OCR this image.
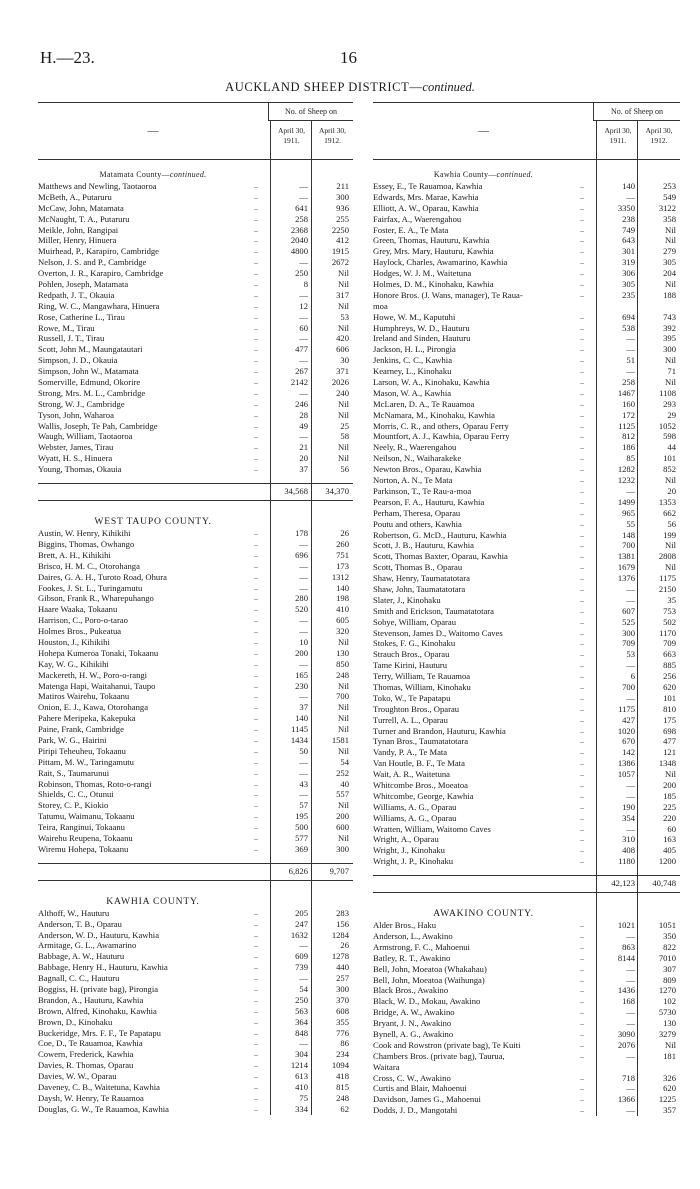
H.—23.	16
AUCKLAND SHEEP DISTRICT—continued.
—
No. of Sheep on
April 30, 1911.
April 30, 1912.
Matamata County—continued.
Matthews and Newling, Taotaoroa	..	—	211
McBeth, A., Putaruru	..	—	300
McCaw, John, Matamata	..	641	936
McNaught, T. A., Putaruru	..	258	255
Meikle, John, Rangipai	..	2368	2250
Miller, Henry, Hinuera	..	2040	412
Muirhead, P., Karapiro, Cambridge	..	4800	1915
Nelson, J. S. and P., Cambridge	..	—	2672
Overton, J. R., Karapiro, Cambridge	..	250	Nil
Pohlen, Joseph, Matamata	..	8	Nil
Redpath, J. T., Okauia	..	—	317
Ring, W. C., Mangawhara, Hinuera	..	12	Nil
Rose, Catherine L., Tirau	..	—	53
Rowe, M., Tirau	..	60	Nil
Russell, J. T., Tirau	..	—	420
Scott, John M., Maungatautari	..	477	606
Simpson, J. D., Okauia	..	—	30
Simpson, John W., Matamata	..	267	371
Somerville, Edmund, Okorire	..	2142	2026
Strong, Mrs. M. L., Cambridge	..	—	240
Strong, W. J., Cambridge	..	246	Nil
Tyson, John, Waharoa	..	28	Nil
Wallis, Joseph, Te Pah, Cambridge	..	49	25
Waugh, William, Taotaoroa	..	—	58
Webster, James, Tirau	..	21	Nil
Wyatt, H. S., Hinuera	..	20	Nil
Young, Thomas, Okauia	..	37	56
34,568	34,370
WEST TAUPO COUNTY.
Austin, W. Henry, Kihikihi	..	178	26
Biggins, Thomas, Owhango	..	—	260
Brett, A. H., Kihikihi	..	696	751
Brisco, H. M. C., Otorohanga	..	—	173
Daires, G. A. H., Turoto Road, Ohura	..	—	1312
Fookes, J. St. L., Turingamutu	..	—	140
Gibson, Frank R., Wharepuhango	..	280	198
Haare Waaka, Tokaanu	..	520	410
Harrison, C., Poro-o-tarao	..	—	605
Holmes Bros., Pukeatua	..	—	320
Houston, J., Kihikihi	..	10	Nil
Hohepa Kumeroa Tonaki, Tokaanu	..	200	130
Kay, W. G., Kihikihi	..	—	850
Mackereth, H. W., Poro-o-rangi	..	165	248
Matenga Hapi, Waitahanui, Taupo	..	230	Nil
Matiros Wairehu, Tokaanu	..	—	700
Onion, E. J., Kawa, Otorohanga	..	37	Nil
Pahere Meripeka, Kakepuka	..	140	Nil
Paine, Frank, Cambridge	..	1145	Nil
Park, W. G., Hairini	..	1434	1581
Piripi Teheuheu, Tokaanu	..	50	Nil
Pittam, M. W., Taringamutu	..	—	54
Rait, S., Taumarunui	..	—	252
Robinson, Thomas, Roto-o-rangi	..	43	40
Shields, C. C., Otunui	..	—	557
Storey, C. P., Kiokio	..	57	Nil
Tatumu, Waimanu, Tokaanu	..	195	200
Teira, Ranginui, Tokaanu	..	500	600
Wairehu Reupena, Tokaanu	..	577	Nil
Wiremu Hohepa, Tokaanu	..	369	300
6,826	9,707
KAWHIA COUNTY.
Althoff, W., Hauturu	..	205	283
Anderson, T. B., Oparau	..	247	156
Anderson, W. D., Hauturu, Kawhia	..	1632	1284
Armitage, G. L., Awamarino	..	—	26
Babbage, A. W., Hauturu	..	609	1278
Babbage, Henry H., Hauturu, Kawhia	..	739	440
Bagnall, C. C., Hauturu	..	—	257
Boggiss, H. (private bag), Pirongia	..	54	300
Brandon, A., Hauturu, Kawhia	..	250	370
Brown, Alfred, Kinohaku, Kawhia	..	563	608
Brown, D., Kinohaku	..	364	355
Buckeridge, Mrs. F. F., Te Papatapu	..	848	776
Coe, D., Te Rauamoa, Kawhia	..	—	86
Cowern, Frederick, Kawhia	..	304	234
Davies, R. Thomas, Oparau	..	1214	1094
Davies, W. W., Oparau	..	613	418
Daveney, C. B., Waitetuna, Kawhia	..	410	815
Daysh, W. Henry, Te Rauamoa	..	75	248
Douglas, G. W., Te Rauamoa, Kawhia	..	334	62
—
No. of Sheep on
April 30, 1911.
April 30, 1912.
Kawhia County—continued.
Essey, E., Te Rauamoa, Kawhia	..	140	253
Edwards, Mrs. Marae, Kawhia	..	—	549
Elliott, A. W., Oparau, Kawhia	..	3350	3122
Fairfax, A., Waerengahou	..	238	358
Foster, E. A., Te Mata	..	749	Nil
Green, Thomas, Hauturu, Kawhia	..	643	Nil
Grey, Mrs. Mary, Hauturu, Kawhia	..	301	279
Haylock, Charles, Awamarino, Kawhia	..	319	305
Hodges, W. J. M., Waitetuna	..	306	204
Holmes, D. M., Kinohaku, Kawhia	..	305	Nil
Honore Bros. (J. Wans, manager), Te Raua-	..	235	188
moa
Howe, W. M., Kaputuhi	..	694	743
Humphreys, W. D., Hauturu	..	538	392
Ireland and Sinden, Hauturu	..	—	395
Jackson, H. L., Pirongia	..	—	300
Jenkins, C. C., Kawhia	..	51	Nil
Kearney, L., Kinohaku	..	—	71
Larson, W. A., Kinohaku, Kawhia	..	258	Nil
Mason, W. A., Kawhia	..	1467	1108
McLaren, D. A., Te Rauamoa	..	160	293
McNamara, M., Kinohaku, Kawhia	..	172	29
Morris, C. R., and others, Oparau Ferry	..	1125	1052
Mountfort, A. J., Kawhia, Oparau Ferry	..	812	598
Neely, R., Waerengahou	..	186	44
Neilson, N., Waiharakeke	..	85	101
Newton Bros., Oparau, Kawhia	..	1282	852
Norton, A. N., Te Mata	..	1232	Nil
Parkinson, T., Te Rau-a-moa	..	—	20
Pearson, F. A., Hauturu, Kawhia	..	1499	1353
Perham, Theresa, Oparau	..	965	662
Poutu and others, Kawhia	..	55	56
Robertson, G. McD., Hauturu, Kawhia	..	148	199
Scott, J. B., Hauturu, Kawhia	..	700	Nil
Scott, Thomas Baxter, Oparau, Kawhia	..	1381	2808
Scott, Thomas B., Oparau	..	1679	Nil
Shaw, Henry, Taumatatotara	..	1376	1175
Shaw, John, Taumatatotara	..	—	2150
Slater, J., Kinohaku	..	—	35
Smith and Erickson, Taumatatotara	..	607	753
Sobye, William, Oparau	..	525	502
Stevenson, James D., Waitomo Caves	..	300	1170
Stokes, F. G., Kinohaku	..	709	709
Strauch Bros., Oparau	..	53	663
Tame Kirini, Hauturu	..	—	885
Terry, William, Te Rauamoa	..	6	256
Thomas, William, Kinohaku	..	700	620
Toko, W., Te Papatapu	..	—	101
Troughton Bros., Oparau	..	1175	810
Turrell, A. L., Oparau	..	427	175
Turner and Brandon, Hauturu, Kawhia	..	1020	698
Tynan Bros., Taumatatotara	..	670	477
Vandy, P. A., Te Mata	..	142	121
Van Houtle, B. F., Te Mata	..	1386	1348
Wait, A. R., Waitetuna	..	1057	Nil
Whitcombe Bros., Moeatoa	..	—	200
Whitcombe, George, Kawhia	..	—	185
Williams, A. G., Oparau	..	190	225
Williams, A. G., Oparau	..	354	220
Wratten, William, Waitomo Caves	..	—	60
Wright, A., Oparau	..	310	163
Wright, J., Kinohaku	..	408	405
Wright, J. P., Kinohaku	..	1180	1200
42,123	40,748
AWAKINO COUNTY.
Alder Bros., Haku	..	1021	1051
Anderson, L., Awakino	..	—	350
Armstrong, F. C., Mahoenui	..	863	822
Batley, R. T., Awakino	..	8144	7010
Bell, John, Moeatoa (Whakahau)	..	—	307
Bell, John, Moeatoa (Waihunga)	..	—	809
Black Bros., Awakino	..	1436	1270
Black, W. D., Mokau, Awakino	..	168	102
Bridge, A. W., Awakino	..	—	5730
Bryant, J. N., Awakino	..	—	130
Bynell, A. G., Awakino	..	3090	3279
Cook and Rowstron (private bag), Te Kuiti	..	2076	Nil
Chambers Bros. (private bag), Taurua,	..	—	181
Waitara
Cross, C. W., Awakino	..	718	326
Curtis and Blair, Mahoenui	..	—	620
Davidson, James G., Mahoenui	..	1366	1225
Dodds, J. D., Mangotahi	..	—	357
